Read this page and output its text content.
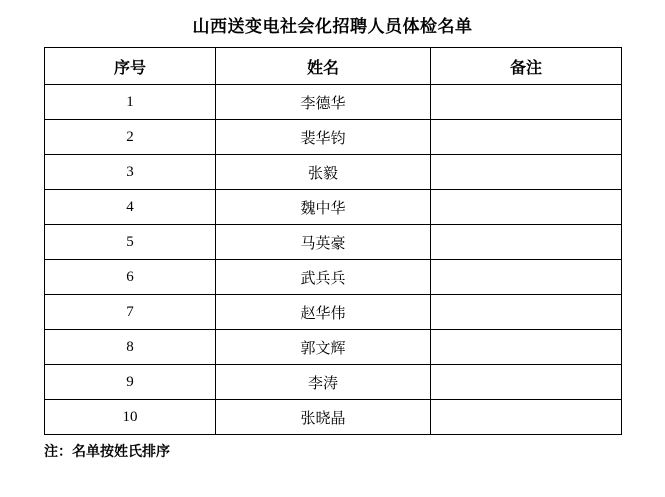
山西送变电社会化招聘人员体检名单
序号	姓名	备注
1	李德华	
2	裴华钧	
3	张毅	
4	魏中华	
5	马英豪	
6	武兵兵	
7	赵华伟	
8	郭文辉	
9	李涛	
10	张晓晶	
注：名单按姓氏排序
